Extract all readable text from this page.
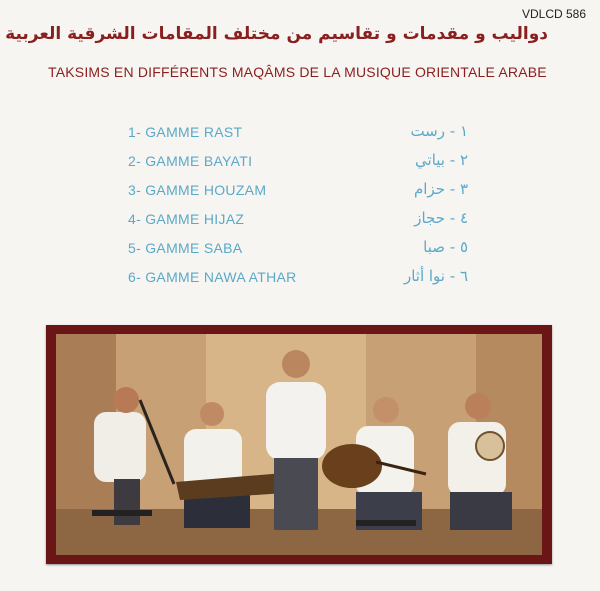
VDLCD 586
دواليب و مقدمات و تقاسيم من مختلف المقامات الشرقية العربية
TAKSIMS EN DIFFÉRENTS MAQÂMS DE LA MUSIQUE ORIENTALE ARABE
1- GAMME RAST	١ - رست
2- GAMME BAYATI	٢ - بياتي
3- GAMME HOUZAM	٣ - حزام
4- GAMME HIJAZ	٤ - حجاز
5- GAMME SABA	٥ - صبا
6- GAMME NAWA ATHAR	٦ - نوا أثار
